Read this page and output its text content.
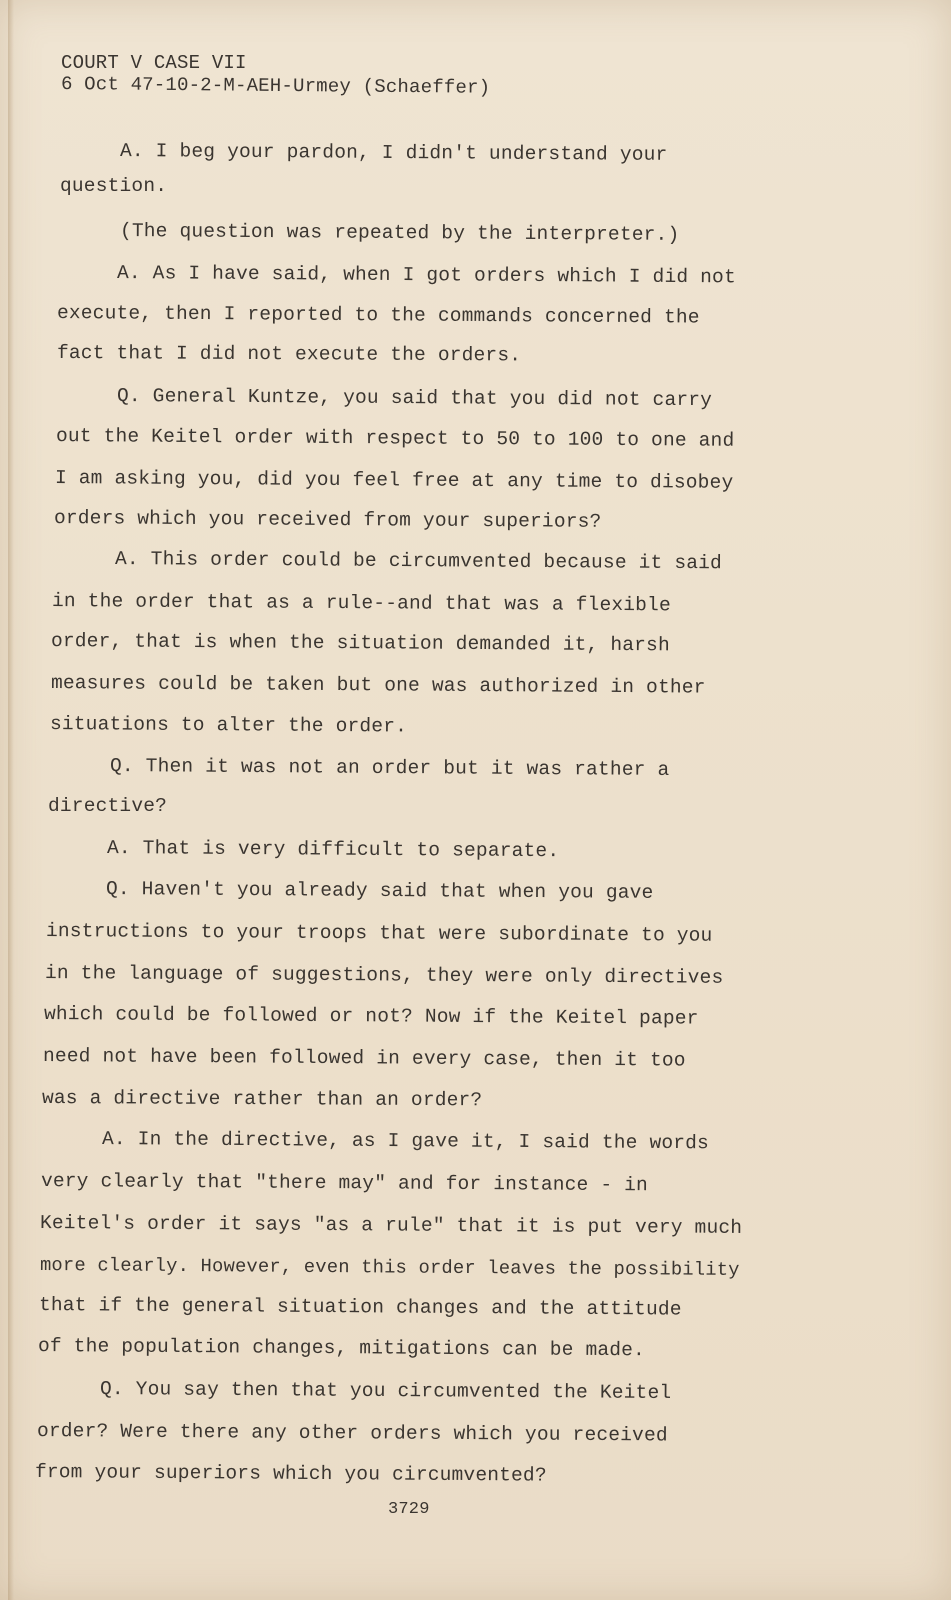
COURT V CASE VII
6 Oct 47-10-2-M-AEH-Urmey (Schaeffer)
A. I beg your pardon, I didn't understand your
question.
(The question was repeated by the interpreter.)
A. As I have said, when I got orders which I did not
execute, then I reported to the commands concerned the
fact that I did not execute the orders.
Q. General Kuntze, you said that you did not carry
out the Keitel order with respect to 50 to 100 to one and
I am asking you, did you feel free at any time to disobey
orders which you received from your superiors?
A. This order could be circumvented because it said
in the order that as a rule--and that was a flexible
order, that is when the situation demanded it, harsh
measures could be taken but one was authorized in other
situations to alter the order.
Q. Then it was not an order but it was rather a
directive?
A. That is very difficult to separate.
Q. Haven't you already said that when you gave
instructions to your troops that were subordinate to you
in the language of suggestions, they were only directives
which could be followed or not? Now if the Keitel paper
need not have been followed in every case, then it too
was a directive rather than an order?
A. In the directive, as I gave it, I said the words
very clearly that "there may" and for instance - in
Keitel's order it says "as a rule" that it is put very much
more clearly. However, even this order leaves the possibility
that if the general situation changes and the attitude
of the population changes, mitigations can be made.
Q. You say then that you circumvented the Keitel
order? Were there any other orders which you received
from your superiors which you circumvented?
3729
